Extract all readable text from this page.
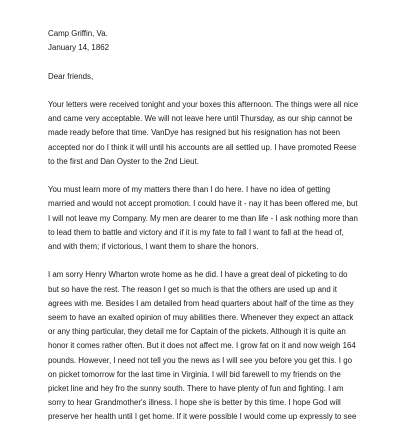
Camp Griffin, Va.
January 14, 1862
Dear friends,
Your letters were received tonight and your boxes this afternoon. The things were all nice
and came very acceptable. We will not leave here until Thursday, as our ship cannot be
made ready before that time. VanDye has resigned but his resignation has not been
accepted nor do I think it will until his accounts are all settled up. I have promoted Reese
to the first and Dan Oyster to the 2nd Lieut.
You must learn more of my matters there than I do here. I have no idea of getting
married and would not accept promotion. I could have it - nay it has been offered me, but
I will not leave my Company. My men are dearer to me than life - I ask nothing more than
to lead them to battle and victory and if it is my fate to fall I want to fall at the head of,
and with them; if victorious, I want them to share the honors.
I am sorry Henry Wharton wrote home as he did. I have a great deal of picketing to do
but so have the rest. The reason I get so much is that the others are used up and it
agrees with me. Besides I am detailed from head quarters about half of the time as they
seem to have an exalted opinion of muy abilities there. Whenever they expect an attack
or any thing particular, they detail me for Captain of the pickets. Although it is quite an
honor it comes rather often. But it does not affect me. I grow fat on it and now weigh 164
pounds. However, I need not tell you the news as I will see you before you get this. I go
on picket tomorrow for the last time in Virginia. I will bid farewell to my friends on the
picket line and hey fro the sunny south. There to have plenty of fun and fighting. I am
sorry to hear Grandmother's illness. I hope she is better by this time. I hope God will
preserve her health until I get home. If it were possible I would come up expressly to see
